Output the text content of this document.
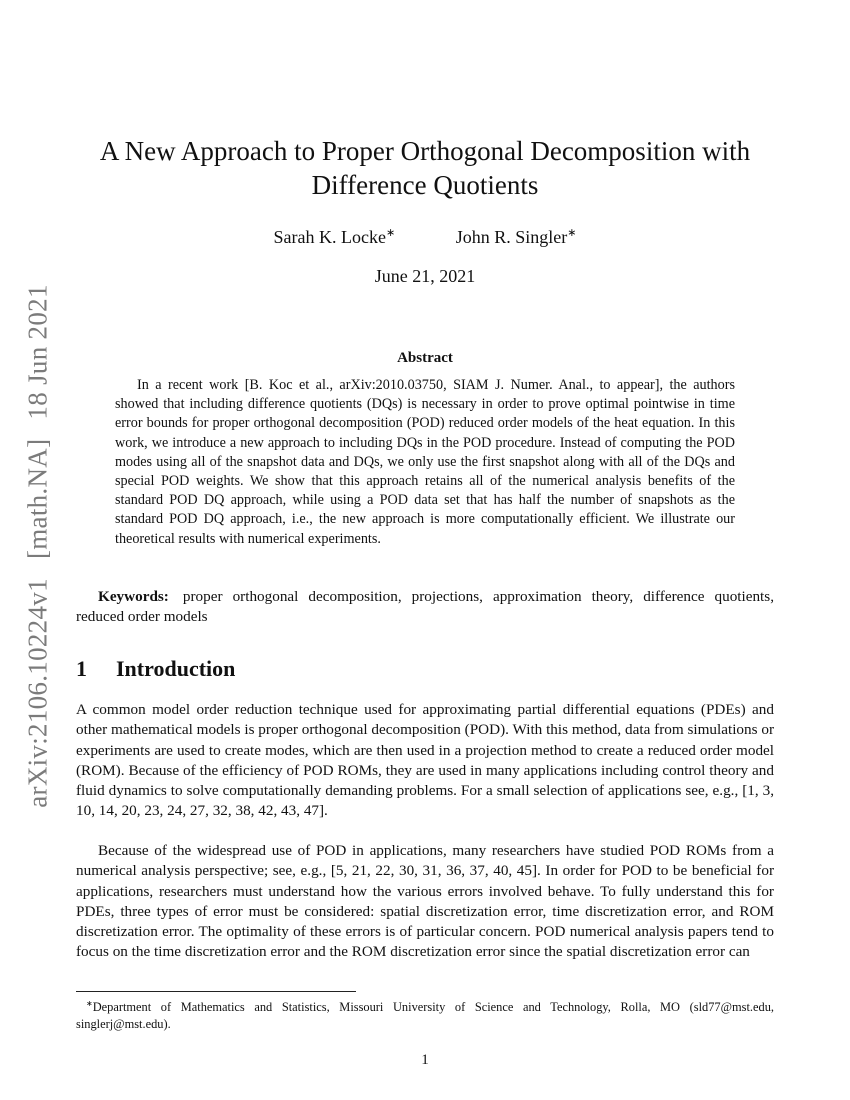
arXiv:2106.10224v1 [math.NA] 18 Jun 2021
A New Approach to Proper Orthogonal Decomposition with
Difference Quotients
Sarah K. Locke∗	John R. Singler∗
June 21, 2021
Abstract

In a recent work [B. Koc et al., arXiv:2010.03750, SIAM J. Numer. Anal., to appear], the authors showed that including difference quotients (DQs) is necessary in order to prove optimal pointwise in time error bounds for proper orthogonal decomposition (POD) reduced order models of the heat equation. In this work, we introduce a new approach to including DQs in the POD procedure. Instead of computing the POD modes using all of the snapshot data and DQs, we only use the first snapshot along with all of the DQs and special POD weights. We show that this approach retains all of the numerical analysis benefits of the standard POD DQ approach, while using a POD data set that has half the number of snapshots as the standard POD DQ approach, i.e., the new approach is more computationally efficient. We illustrate our theoretical results with numerical experiments.

Keywords: proper orthogonal decomposition, projections, approximation theory, difference quotients, reduced order models

1 Introduction

A common model order reduction technique used for approximating partial differential equations (PDEs) and other mathematical models is proper orthogonal decomposition (POD). With this method, data from simulations or experiments are used to create modes, which are then used in a projection method to create a reduced order model (ROM). Because of the efficiency of POD ROMs, they are used in many applications including control theory and fluid dynamics to solve computationally demanding problems. For a small selection of applications see, e.g., [1, 3, 10, 14, 20, 23, 24, 27, 32, 38, 42, 43, 47].

Because of the widespread use of POD in applications, many researchers have studied POD ROMs from a numerical analysis perspective; see, e.g., [5, 21, 22, 30, 31, 36, 37, 40, 45]. In order for POD to be beneficial for applications, researchers must understand how the various errors involved behave. To fully understand this for PDEs, three types of error must be considered: spatial discretization error, time discretization error, and ROM discretization error. The optimality of these errors is of particular concern. POD numerical analysis papers tend to focus on the time discretization error and the ROM discretization error since the spatial discretization error can

∗Department of Mathematics and Statistics, Missouri University of Science and Technology, Rolla, MO (sld77@mst.edu, singlerj@mst.edu).

1
